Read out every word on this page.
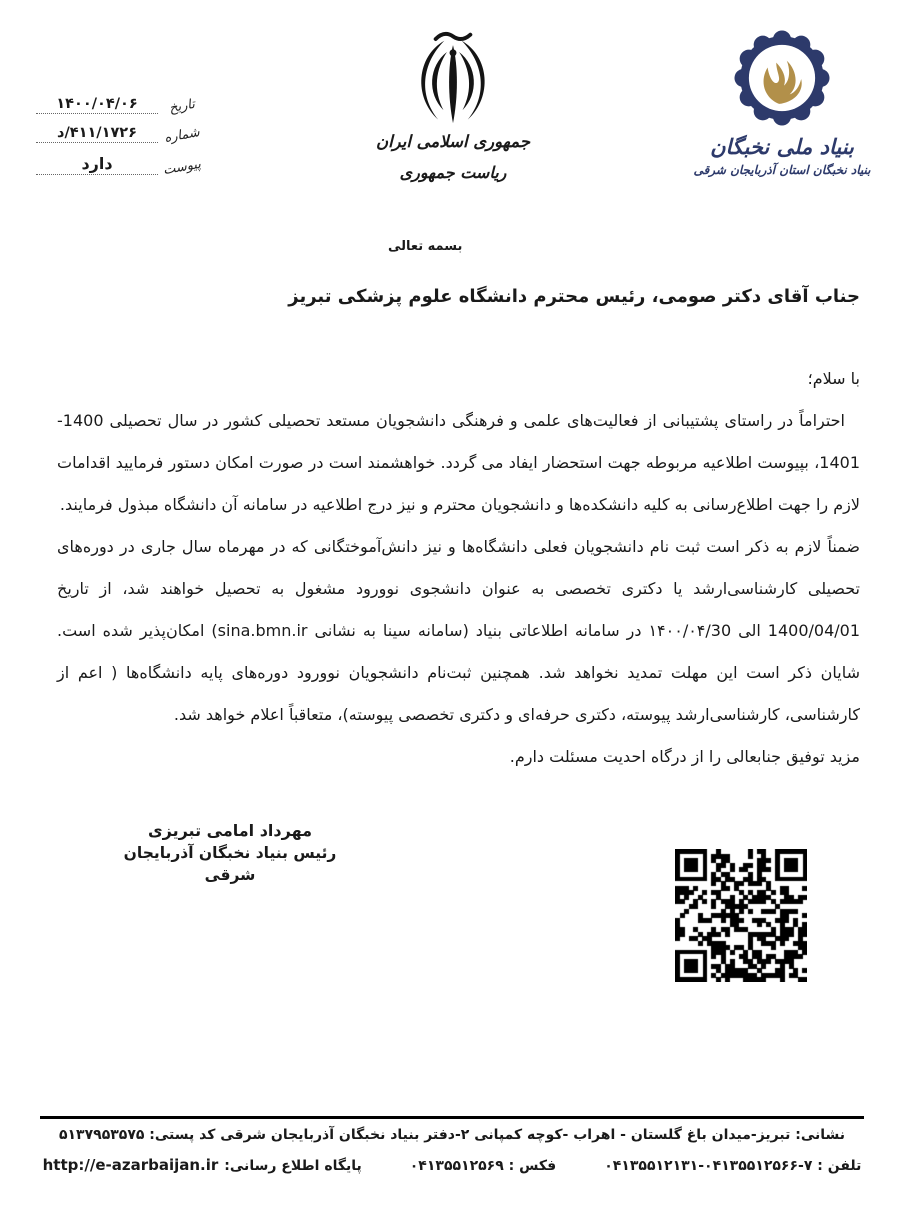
تاریخ
۱۴۰۰/۰۴/۰۶
شماره
۴۱۱/۱۷۲۶/د
پیوست
دارد
جمهوری اسلامی ایران
ریاست جمهوری
بنیاد ملی نخبگان
بنیاد نخبگان استان آذربایجان شرقی
بسمه تعالی
جناب آقای دکتر صومی، رئیس محترم دانشگاه علوم پزشکی تبریز

با سلام؛

احتراماً در راستای پشتیبانی از فعالیت‌های علمی و فرهنگی دانشجویان مستعد تحصیلی کشور در سال تحصیلی 1400-1401، بپیوست اطلاعیه مربوطه جهت استحضار ایفاد می گردد. خواهشمند است در صورت امکان دستور فرمایید اقدامات لازم را جهت اطلاع‌رسانی به کلیه دانشکده‌ها و دانشجویان محترم و نیز درج اطلاعیه در سامانه آن دانشگاه مبذول فرمایند.

ضمناً لازم به ذکر است ثبت نام دانشجویان فعلی دانشگاه‌ها و نیز دانش‌آموختگانی که در مهرماه سال جاری در دوره‌های تحصیلی کارشناسی‌ارشد یا دکتری تخصصی به عنوان دانشجوی نوورود مشغول به تحصیل خواهند شد، از تاریخ 1400/04/01 الی ⁦۱۴۰۰/۰۴/30⁩ در سامانه اطلاعاتی بنیاد (سامانه سینا به نشانی sina.bmn.ir) امکان‌پذیر شده است. شایان ذکر است این مهلت تمدید نخواهد شد. همچنین ثبت‌نام دانشجویان نوورود دوره‌های پایه دانشگاه‌ها ( اعم از کارشناسی، کارشناسی‌ارشد پیوسته، دکتری حرفه‌ای و دکتری تخصصی پیوسته)، متعاقباً اعلام خواهد شد.

مزید توفیق جنابعالی را از درگاه احدیت مسئلت دارم.

مهرداد امامی تبریزی
رئیس بنیاد نخبگان آذربایجان شرقی
نشانی: تبریز-میدان باغ گلستان - اهراب -کوچه کمپانی ۲-دفتر بنیاد نخبگان آذربایجان شرقی کد پستی: ۵۱۳۷۹۵۳۵۷۵
تلفن : ۷-۰۴۱۳۵۵۱۲۵۶۶-۰۴۱۳۵۵۱۲۱۳۱
فکس : ۰۴۱۳۵۵۱۲۵۶۹
پایگاه اطلاع رسانی:
http://e-azarbaijan.ir
